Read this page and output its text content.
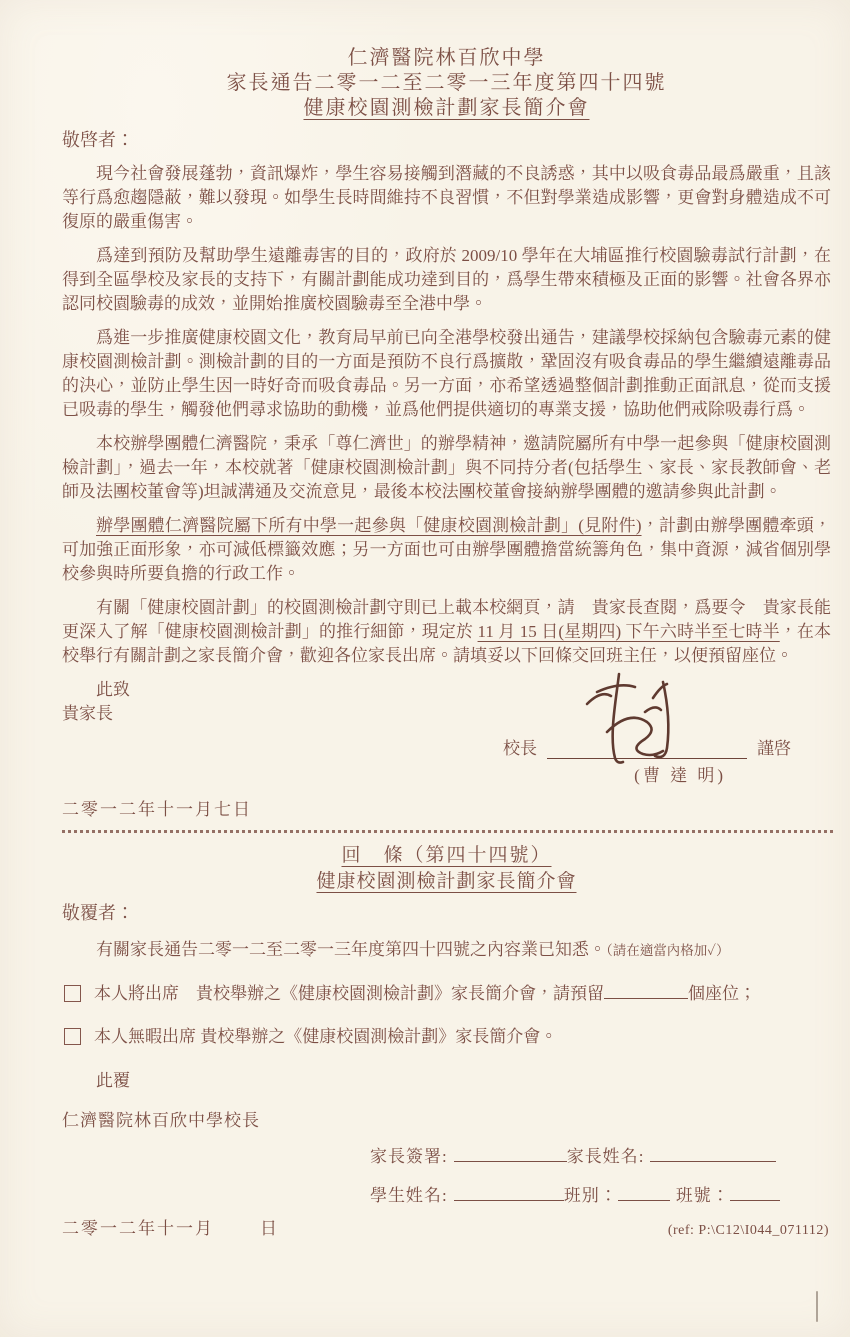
仁濟醫院林百欣中學
家長通告二零一二至二零一三年度第四十四號
健康校園測檢計劃家長簡介會
敬啓者：

現今社會發展蓬勃，資訊爆炸，學生容易接觸到潛藏的不良誘惑，其中以吸食毒品最爲嚴重，且該等行爲愈趨隱蔽，難以發現。如學生長時間維持不良習慣，不但對學業造成影響，更會對身體造成不可復原的嚴重傷害。

爲達到預防及幫助學生遠離毒害的目的，政府於 2009/10 學年在大埔區推行校園驗毒試行計劃，在得到全區學校及家長的支持下，有關計劃能成功達到目的，爲學生帶來積極及正面的影響。社會各界亦認同校園驗毒的成效，並開始推廣校園驗毒至全港中學。

爲進一步推廣健康校園文化，教育局早前已向全港學校發出通告，建議學校採納包含驗毒元素的健康校園測檢計劃。測檢計劃的目的一方面是預防不良行爲擴散，鞏固沒有吸食毒品的學生繼續遠離毒品的決心，並防止學生因一時好奇而吸食毒品。另一方面，亦希望透過整個計劃推動正面訊息，從而支援已吸毒的學生，觸發他們尋求協助的動機，並爲他們提供適切的專業支援，協助他們戒除吸毒行爲。

本校辦學團體仁濟醫院，秉承「尊仁濟世」的辦學精神，邀請院屬所有中學一起參與「健康校園測檢計劃」，過去一年，本校就著「健康校園測檢計劃」與不同持分者(包括學生、家長、家長教師會、老師及法團校董會等)坦誠溝通及交流意見，最後本校法團校董會接納辦學團體的邀請參與此計劃。

辦學團體仁濟醫院屬下所有中學一起參與「健康校園測檢計劃」(見附件)，計劃由辦學團體牽頭，可加強正面形象，亦可減低標籤效應；另一方面也可由辦學團體擔當統籌角色，集中資源，減省個別學校參與時所要負擔的行政工作。

有關「健康校園計劃」的校園測檢計劃守則已上載本校網頁，請　貴家長查閱，爲要令　貴家長能更深入了解「健康校園測檢計劃」的推行細節，現定於 11 月 15 日(星期四) 下午六時半至七時半，在本校舉行有關計劃之家長簡介會，歡迎各位家長出席。請填妥以下回條交回班主任，以便預留座位。

此致
貴家長
校長	謹啓
(曹 達 明)
二零一二年十一月七日
回　條（第四十四號）
健康校園測檢計劃家長簡介會
敬覆者：
有關家長通告二零一二至二零一三年度第四十四號之內容業已知悉。（請在適當內格加✓）
本人將出席　貴校舉辦之《健康校園測檢計劃》家長簡介會，請預留	個座位；
本人無暇出席 貴校舉辦之《健康校園測檢計劃》家長簡介會。
此覆
仁濟醫院林百欣中學校長
家長簽署:	家長姓名:
學生姓名:	班別：	班號：
二零一二年十一月	日	(ref: P:\C12\I044_071112)
